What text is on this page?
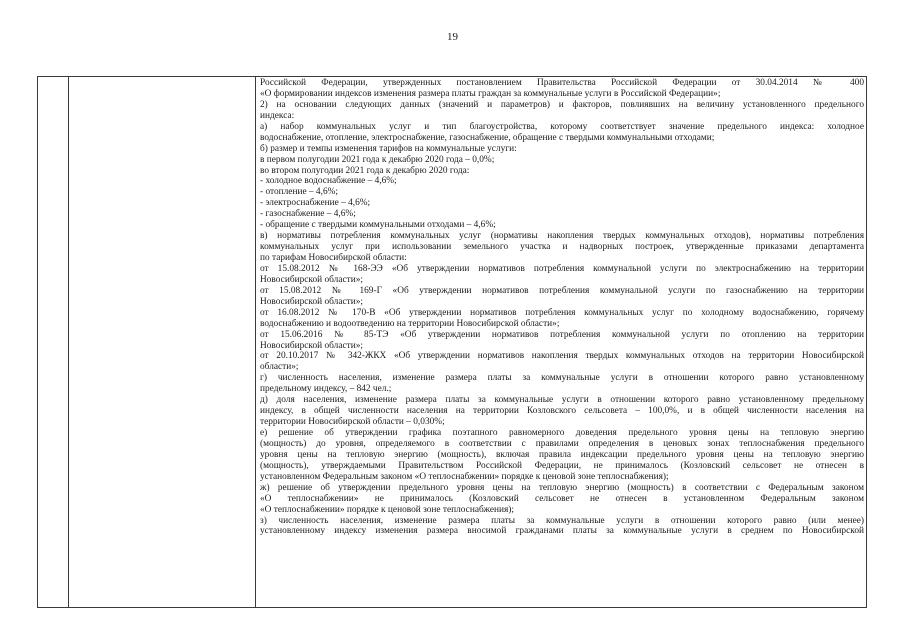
19
Российской Федерации, утвержденных постановлением Правительства Российской Федерации от 30.04.2014 № 400
«О формировании индексов изменения размера платы граждан за коммунальные услуги в Российской Федерации»;
2) на основании следующих данных (значений и параметров) и факторов, повлиявших на величину установленного предельного
индекса:
а) набор коммунальных услуг и тип благоустройства, которому соответствует значение предельного индекса: холодное
водоснабжение, отопление, электроснабжение, газоснабжение, обращение с твердыми коммунальными отходами;
б) размер и темпы изменения тарифов на коммунальные услуги:
в первом полугодии 2021 года к декабрю 2020 года – 0,0%;
во втором полугодии 2021 года к декабрю 2020 года:
- холодное водоснабжение – 4,6%;
- отопление – 4,6%;
- электроснабжение – 4,6%;
- газоснабжение – 4,6%;
- обращение с твердыми коммунальными отходами – 4,6%;
в) нормативы потребления коммунальных услуг (нормативы накопления твердых коммунальных отходов), нормативы потребления
коммунальных услуг при использовании земельного участка и надворных построек, утвержденные приказами департамента
по тарифам Новосибирской области:
от 15.08.2012 № 168-ЭЭ «Об утверждении нормативов потребления коммунальной услуги по электроснабжению на территории
Новосибирской области»;
от 15.08.2012 № 169-Г «Об утверждении нормативов потребления коммунальной услуги по газоснабжению на территории
Новосибирской области»;
от 16.08.2012 № 170-В «Об утверждении нормативов потребления коммунальных услуг по холодному водоснабжению, горячему
водоснабжению и водоотведению на территории Новосибирской области»;
от 15.06.2016 № 85-ТЭ «Об утверждении нормативов потребления коммунальной услуги по отоплению на территории
Новосибирской области»;
от 20.10.2017 № 342-ЖКХ «Об утверждении нормативов накопления твердых коммунальных отходов на территории Новосибирской
области»;
г) численность населения, изменение размера платы за коммунальные услуги в отношении которого равно установленному
предельному индексу, – 842 чел.;
д) доля населения, изменение размера платы за коммунальные услуги в отношении которого равно установленному предельному
индексу, в общей численности населения на территории Козловского сельсовета – 100,0%, и в общей численности населения на
территории Новосибирской области – 0,030%;
е) решение об утверждении графика поэтапного равномерного доведения предельного уровня цены на тепловую энергию
(мощность) до уровня, определяемого в соответствии с правилами определения в ценовых зонах теплоснабжения предельного
уровня цены на тепловую энергию (мощность), включая правила индексации предельного уровня цены на тепловую энергию
(мощность), утверждаемыми Правительством Российской Федерации, не принималось (Козловский сельсовет не отнесен в
установленном Федеральным законом «О теплоснабжении» порядке к ценовой зоне теплоснабжения);
ж) решение об утверждении предельного уровня цены на тепловую энергию (мощность) в соответствии с Федеральным законом
«О теплоснабжении» не принималось (Козловский сельсовет не отнесен в установленном Федеральным законом
«О теплоснабжении» порядке к ценовой зоне теплоснабжения);
з) численность населения, изменение размера платы за коммунальные услуги в отношении которого равно (или менее)
установленному индексу изменения размера вносимой гражданами платы за коммунальные услуги в среднем по Новосибирской
